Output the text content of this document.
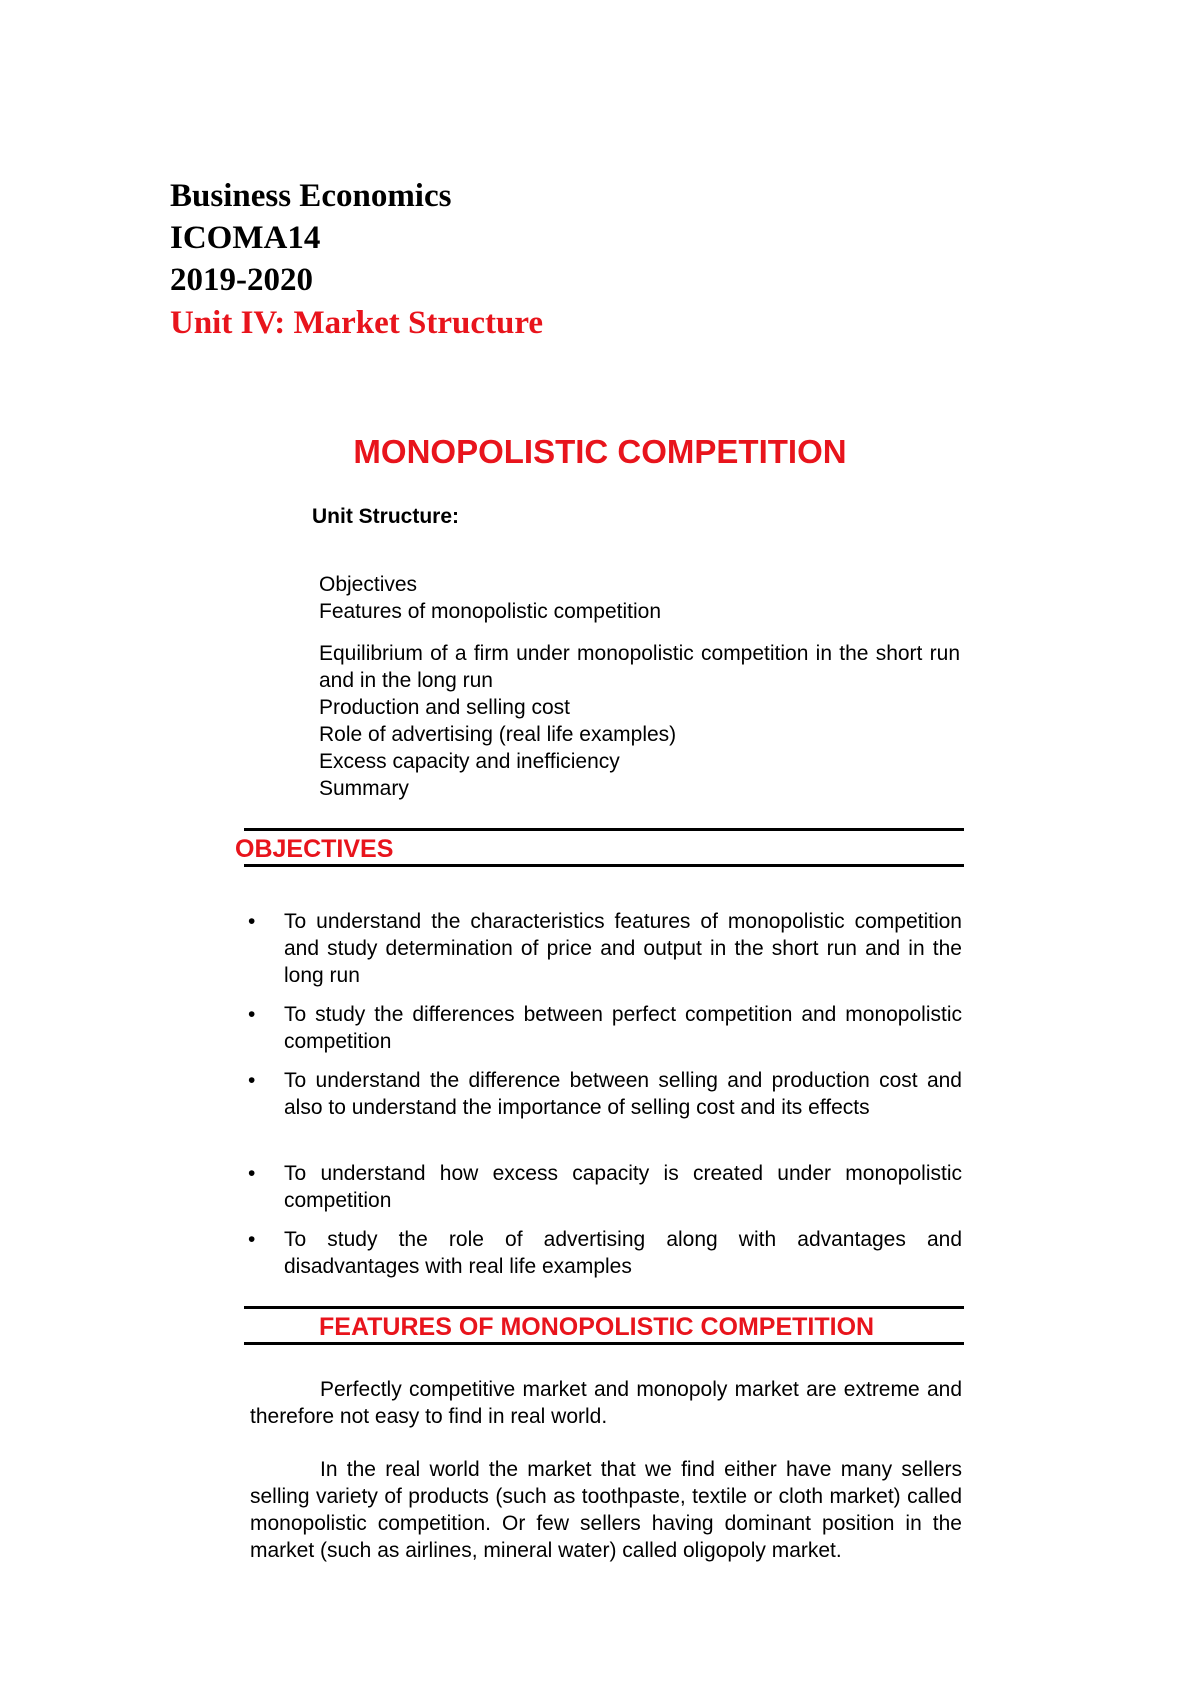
Business Economics
ICOMA14
2019-2020
Unit IV: Market Structure
MONOPOLISTIC COMPETITION
Unit Structure:
Objectives
Features of monopolistic competition
Equilibrium of a firm under monopolistic competition in the short run and in the long run
Production and selling cost
Role of advertising (real life examples)
Excess capacity and inefficiency
Summary
OBJECTIVES
• To understand the characteristics features of monopolistic competition and study determination of price and output in the short run and in the long run
• To study the differences between perfect competition and monopolistic competition
• To understand the difference between selling and production cost and also to understand the importance of selling cost and its effects
• To understand how excess capacity is created under monopolistic competition
• To study the role of advertising along with advantages and disadvantages with real life examples
FEATURES OF MONOPOLISTIC COMPETITION
Perfectly competitive market and monopoly market are extreme and therefore not easy to find in real world.
In the real world the market that we find either have many sellers selling variety of products (such as toothpaste, textile or cloth market) called monopolistic competition. Or few sellers having dominant position in the market (such as airlines, mineral water) called oligopoly market.
